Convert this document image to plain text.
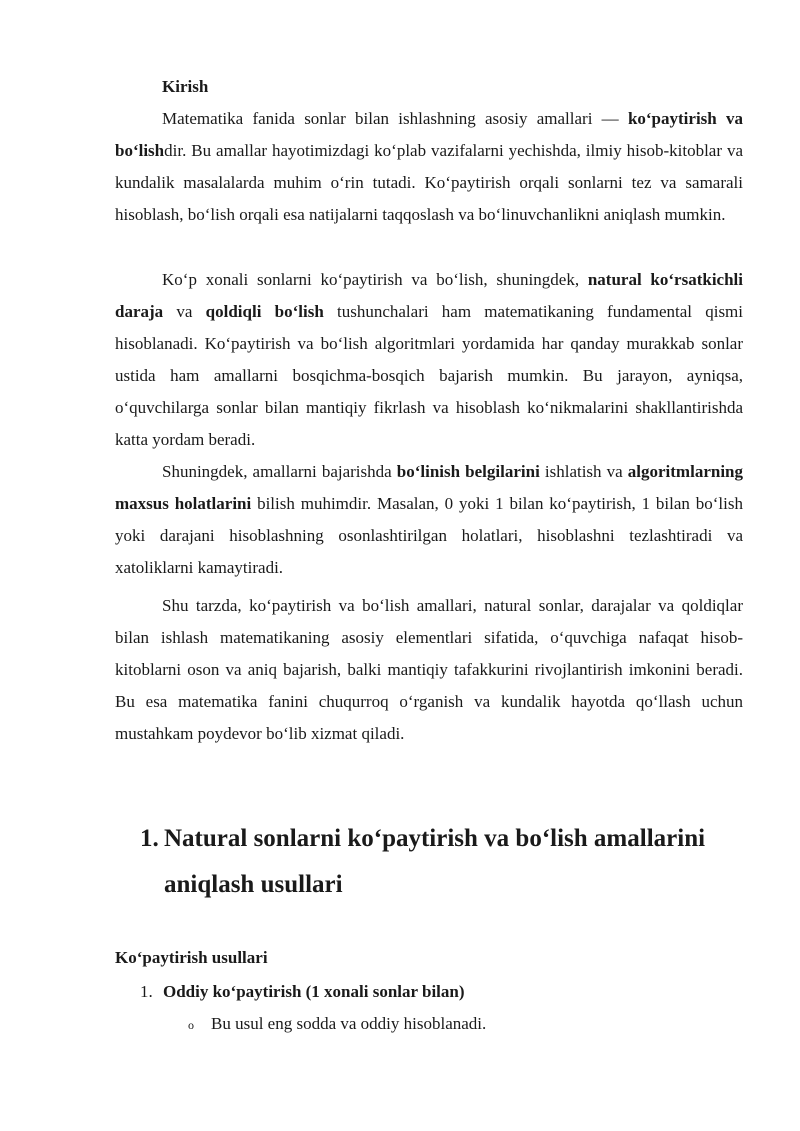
Kirish

Matematika fanida sonlar bilan ishlashning asosiy amallari — ko‘paytirish va bo‘lishdir. Bu amallar hayotimizdagi ko‘plab vazifalarni yechishda, ilmiy hisob-kitoblar va kundalik masalalarda muhim o‘rin tutadi. Ko‘paytirish orqali sonlarni tez va samarali hisoblash, bo‘lish orqali esa natijalarni taqqoslash va bo‘linuvchanlikni aniqlash mumkin.

Ko‘p xonali sonlarni ko‘paytirish va bo‘lish, shuningdek, natural ko‘rsatkichli daraja va qoldiqli bo‘lish tushunchalari ham matematikaning fundamental qismi hisoblanadi. Ko‘paytirish va bo‘lish algoritmlari yordamida har qanday murakkab sonlar ustida ham amallarni bosqichma-bosqich bajarish mumkin. Bu jarayon, ayniqsa, o‘quvchilarga sonlar bilan mantiqiy fikrlash va hisoblash ko‘nikmalarini shakllantirishda katta yordam beradi.

Shuningdek, amallarni bajarishda bo‘linish belgilarini ishlatish va algoritmlarning maxsus holatlarini bilish muhimdir. Masalan, 0 yoki 1 bilan ko‘paytirish, 1 bilan bo‘lish yoki darajani hisoblashning osonlashtirilgan holatlari, hisoblashni tezlashtiradi va xatoliklarni kamaytiradi.

Shu tarzda, ko‘paytirish va bo‘lish amallari, natural sonlar, darajalar va qoldiqlar bilan ishlash matematikaning asosiy elementlari sifatida, o‘quvchiga nafaqat hisob-kitoblarni oson va aniq bajarish, balki mantiqiy tafakkurini rivojlantirish imkonini beradi. Bu esa matematika fanini chuqurroq o‘rganish va kundalik hayotda qo‘llash uchun mustahkam poydevor bo‘lib xizmat qiladi.

1. Natural sonlarni ko‘paytirish va bo‘lish amallarini aniqlash usullari
Ko‘paytirish usullari
1. Oddiy ko‘paytirish (1 xonali sonlar bilan)
o	Bu usul eng sodda va oddiy hisoblanadi.
